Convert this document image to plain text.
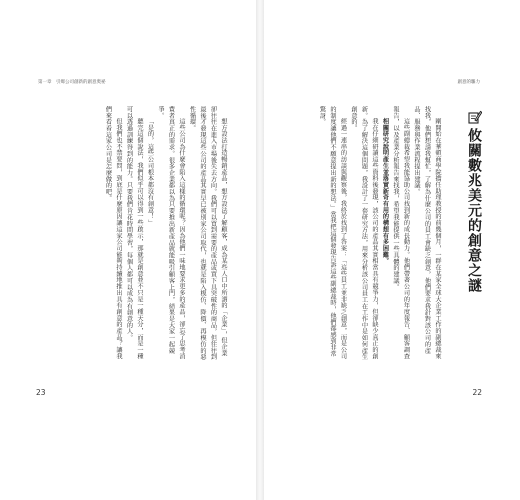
第一章　引爆公司創新的創意奧祕

想方設法打造暢銷產品，想方設法了解顧客，成為某些人口中所謂的「企業」，但企業卻往往在進入市場後失去方向。我們可以買到需要的產品或買下具突破性的商品，但往往到最後才發現這些公司的產品其實早已被別家公司取代，也就是陷入模仿、降價、再模仿的惡性循環。

這些公司為什麼會陷入這樣的循環呢？因為他們一味地要求更多的產品，卻忘了思考消費者真正的需求。很多企業都以為只要推出新產品就能吸引顧客上門，結果是大家一起競爭。

「是的，這些公司根本都沒有創意！」

聽完這個說法，我們似乎可以得到一些啟示，那就是創意並不只是一種天分，而是一種可以透過訓練得到的能力。只要我們肯花時間學習，每個人都可以成為有創意的人。

但我們也不禁要問，到底是什麼原因讓這家公司能夠持續地推出具有創意的產品？讓我們來看看這家公司是怎麼做的吧。

23
創意的驅力
攸關數兆美元的創意之謎

剛開始在華頓商學院擔任助理教授的前幾個月，一群在某家全球大企業工作的副總裁來找我，他們想請我幫忙，了解為什麼公司的員工會缺乏創意，他們要求我針對該公司的產品、服務與作業流程提出建議。

這些副總裁希望我能協助公司找到新的成長動力。他們帶著公司的年度報告、顧客調查報告，以及產業分析報告來找我，希望我能提供一些具體的建議。

相關研究說明產生並落實新奇有用的構想有多困難。

我在仔細研讀這些資料後發現，該公司的產品其實相當具有競爭力，但卻缺少真正的創新。為了解決這個問題，我設計了一套研究方法，用來分析該公司員工在工作中是如何產生創意的。

經過一連串的訪談與觀察後，我終於找到了答案：「這些員工並非缺乏創意，而是公司的制度讓他們不願意提出新的想法。」當我把這個發現告訴這些副總裁時，他們都感到非常驚訝。

22
